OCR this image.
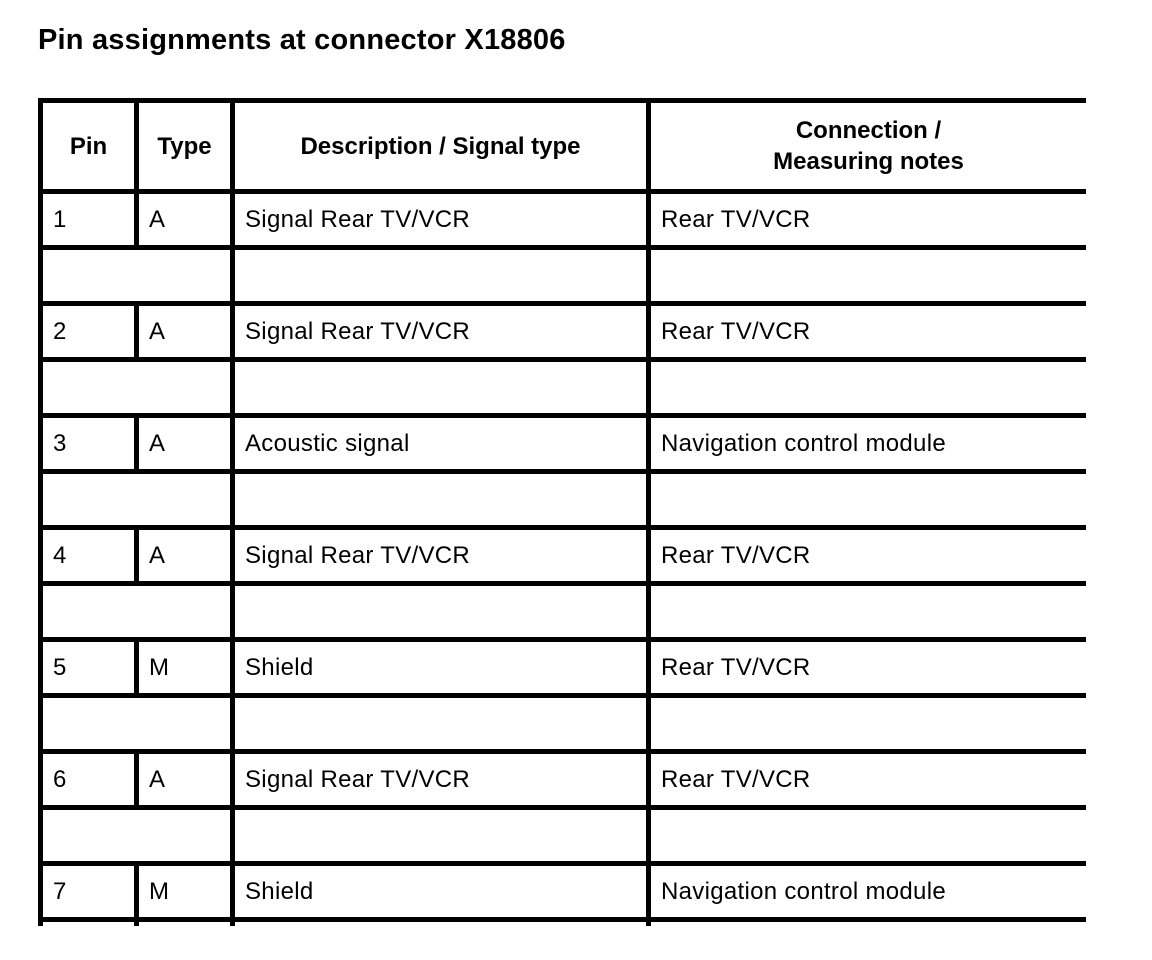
Pin assignments at connector X18806
Pin	Type	Description / Signal type	Connection /
Measuring notes

1	A	Signal Rear TV/VCR	Rear TV/VCR

2	A	Signal Rear TV/VCR	Rear TV/VCR

3	A	Acoustic signal	Navigation control module

4	A	Signal Rear TV/VCR	Rear TV/VCR

5	M	Shield	Rear TV/VCR

6	A	Signal Rear TV/VCR	Rear TV/VCR

7	M	Shield	Navigation control module
